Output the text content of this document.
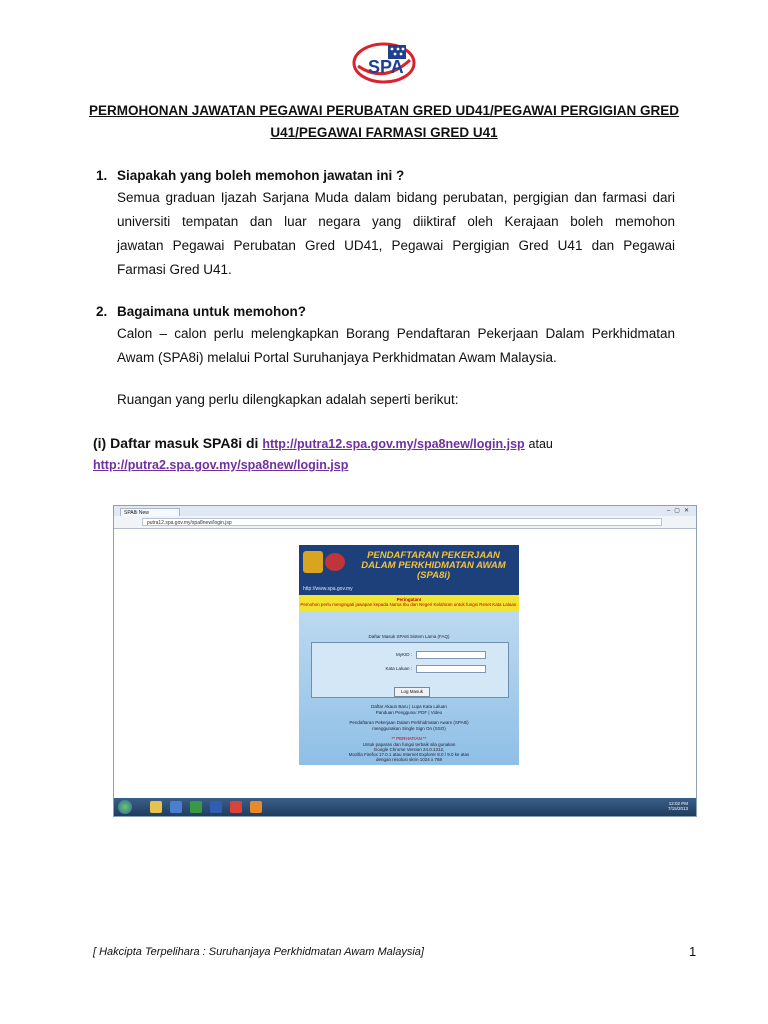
SPA
PERMOHONAN JAWATAN PEGAWAI PERUBATAN GRED UD41/PEGAWAI PERGIGIAN GRED
U41/PEGAWAI FARMASI GRED U41
1. Siapakah yang boleh memohon jawatan ini ?
Semua graduan Ijazah Sarjana Muda dalam bidang perubatan, pergigian dan farmasi dari
universiti tempatan dan luar negara yang diiktiraf oleh Kerajaan boleh memohon
jawatan Pegawai Perubatan Gred UD41, Pegawai Pergigian Gred U41 dan Pegawai
Farmasi Gred U41.
2. Bagaimana untuk memohon?
Calon – calon perlu melengkapkan Borang Pendaftaran Pekerjaan Dalam Perkhidmatan
Awam (SPA8i) melalui Portal Suruhanjaya Perkhidmatan Awam Malaysia.
Ruangan yang perlu dilengkapkan adalah seperti berikut:
(i) Daftar masuk SPA8i di http://putra12.spa.gov.my/spa8new/login.jsp atau
http://putra2.spa.gov.my/spa8new/login.jsp
SPA8i New	–▢✕
putra12.spa.gov.my/spa8new/login.jsp
PENDAFTARAN PEKERJAAN DALAM PERKHIDMATAN AWAM (SPA8i)
http://www.spa.gov.my
Peringatan!
Pemohon perlu mengingati jawapan kepada Nama Ibu dan Negeri Kelahiran untuk fungsi Reset Kata Laluan.
Daftar Masuk SPA8i Sistem Lama (FAQ)
MyKID :
Kata Laluan :
Log Masuk
Daftar Akaun Baru | Lupa Kata Laluan
Panduan Pengguna: PDF | Video
Pendaftaran Pekerjaan Dalam Perkhidmatan Awam (SPA8i)
menggunakan Single Sign On (SSO)
** PERHATIAN **
Untuk paparan dan fungsi terbaik sila gunakan
Google Chrome Version 24.0.1312,
Mozilla Firefox 17.0.1 atau Internet Explorer 8.0 / 9.0 ke atas
dengan resolusi skrin 1024 x 768
12:02 PM
7/15/2013
[ Hakcipta Terpelihara : Suruhanjaya Perkhidmatan Awam Malaysia]	1
